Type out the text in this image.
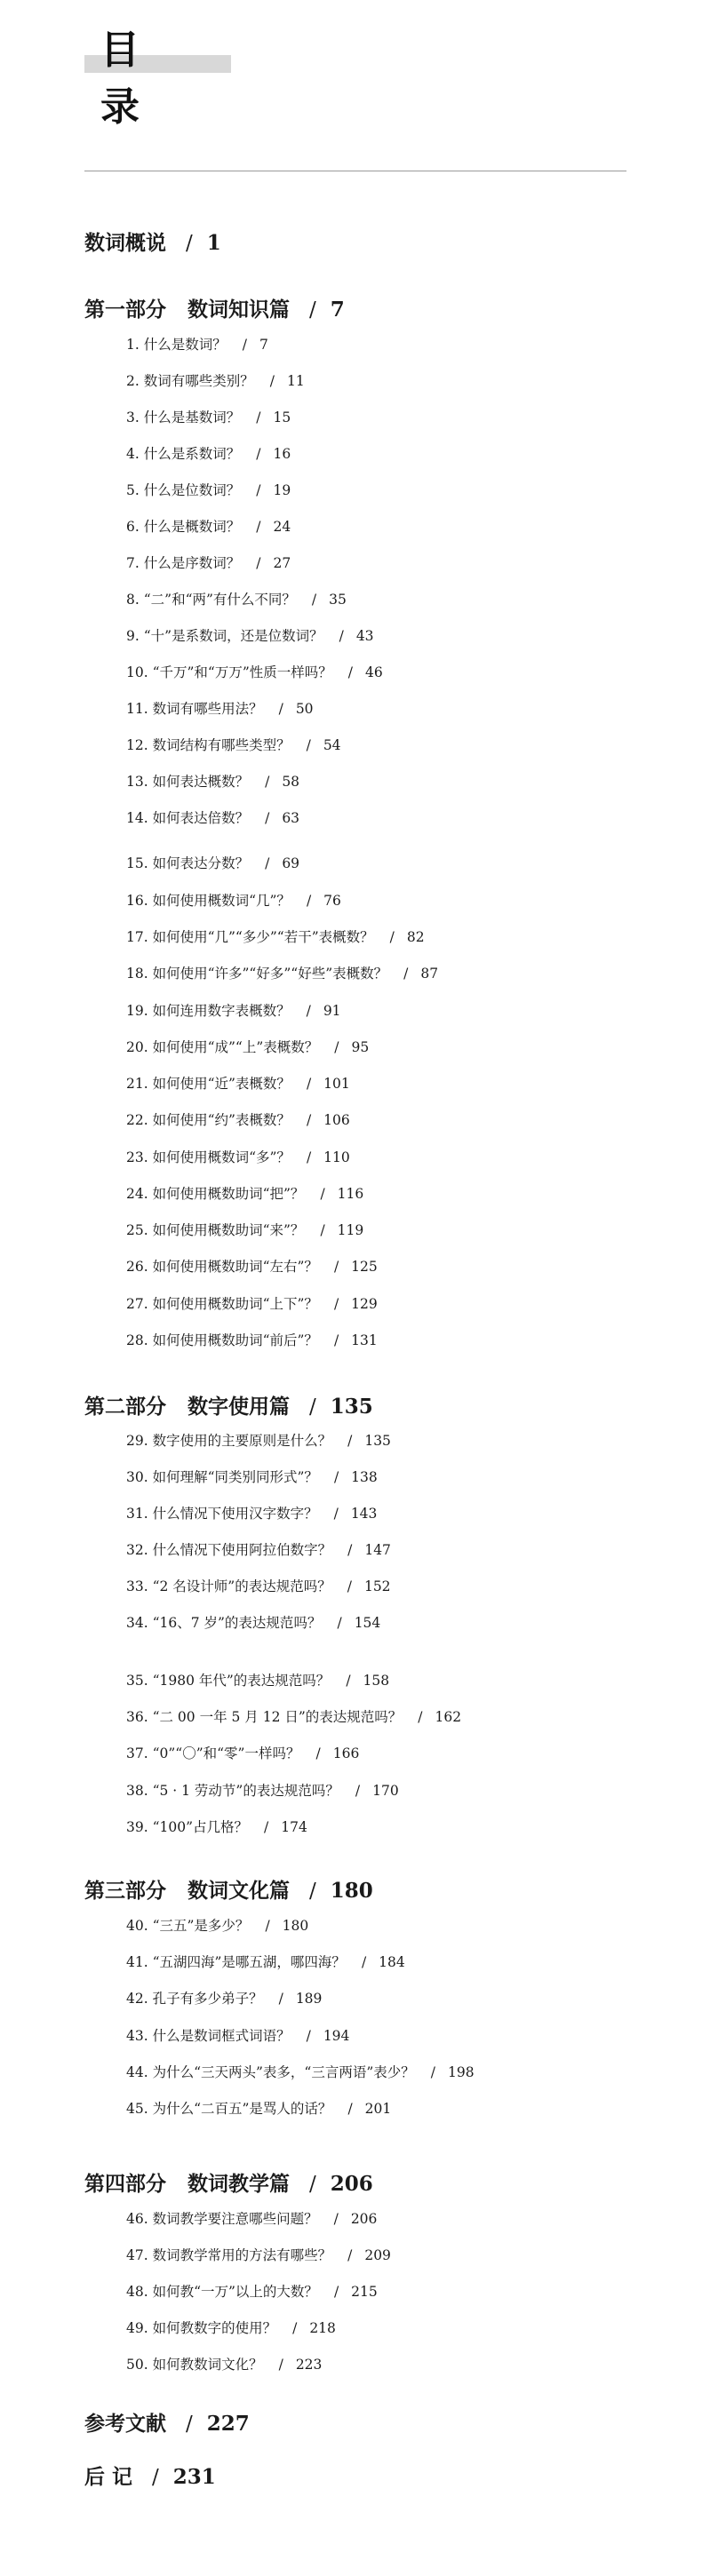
目 录
数词概说 / 1
第一部分 数词知识篇 / 7
第二部分 数字使用篇 / 135
第三部分 数词文化篇 / 180
第四部分 数词教学篇 / 206
参考文献 / 227
后 记 / 231
1. 什么是数词？ / 7
2. 数词有哪些类别？ / 11
3. 什么是基数词？ / 15
4. 什么是系数词？ / 16
5. 什么是位数词？ / 19
6. 什么是概数词？ / 24
7. 什么是序数词？ / 27
8. “二”和“两”有什么不同？ / 35
9. “十”是系数词，还是位数词？ / 43
10. “千万”和“万万”性质一样吗？ / 46
11. 数词有哪些用法？ / 50
12. 数词结构有哪些类型？ / 54
13. 如何表达概数？ / 58
14. 如何表达倍数？ / 63
15. 如何表达分数？ / 69
16. 如何使用概数词“几”？ / 76
17. 如何使用“几”“多少”“若干”表概数？ / 82
18. 如何使用“许多”“好多”“好些”表概数？ / 87
19. 如何连用数字表概数？ / 91
20. 如何使用“成”“上”表概数？ / 95
21. 如何使用“近”表概数？ / 101
22. 如何使用“约”表概数？ / 106
23. 如何使用概数词“多”？ / 110
24. 如何使用概数助词“把”？ / 116
25. 如何使用概数助词“来”？ / 119
26. 如何使用概数助词“左右”？ / 125
27. 如何使用概数助词“上下”？ / 129
28. 如何使用概数助词“前后”？ / 131
29. 数字使用的主要原则是什么？ / 135
30. 如何理解“同类别同形式”？ / 138
31. 什么情况下使用汉字数字？ / 143
32. 什么情况下使用阿拉伯数字？ / 147
33. “2 名设计师”的表达规范吗？ / 152
34. “16、7 岁”的表达规范吗？ / 154
35. “1980 年代”的表达规范吗？ / 158
36. “二 00 一年 5 月 12 日”的表达规范吗？ / 162
37. “0”“〇”和“零”一样吗？ / 166
38. “5 · 1 劳动节”的表达规范吗？ / 170
39. “100”占几格？ / 174
40. “三五”是多少？ / 180
41. “五湖四海”是哪五湖，哪四海？ / 184
42. 孔子有多少弟子？ / 189
43. 什么是数词框式词语？ / 194
44. 为什么“三天两头”表多，“三言两语”表少？ / 198
45. 为什么“二百五”是骂人的话？ / 201
46. 数词教学要注意哪些问题？ / 206
47. 数词教学常用的方法有哪些？ / 209
48. 如何教“一万”以上的大数？ / 215
49. 如何教数字的使用？ / 218
50. 如何教数词文化？ / 223
